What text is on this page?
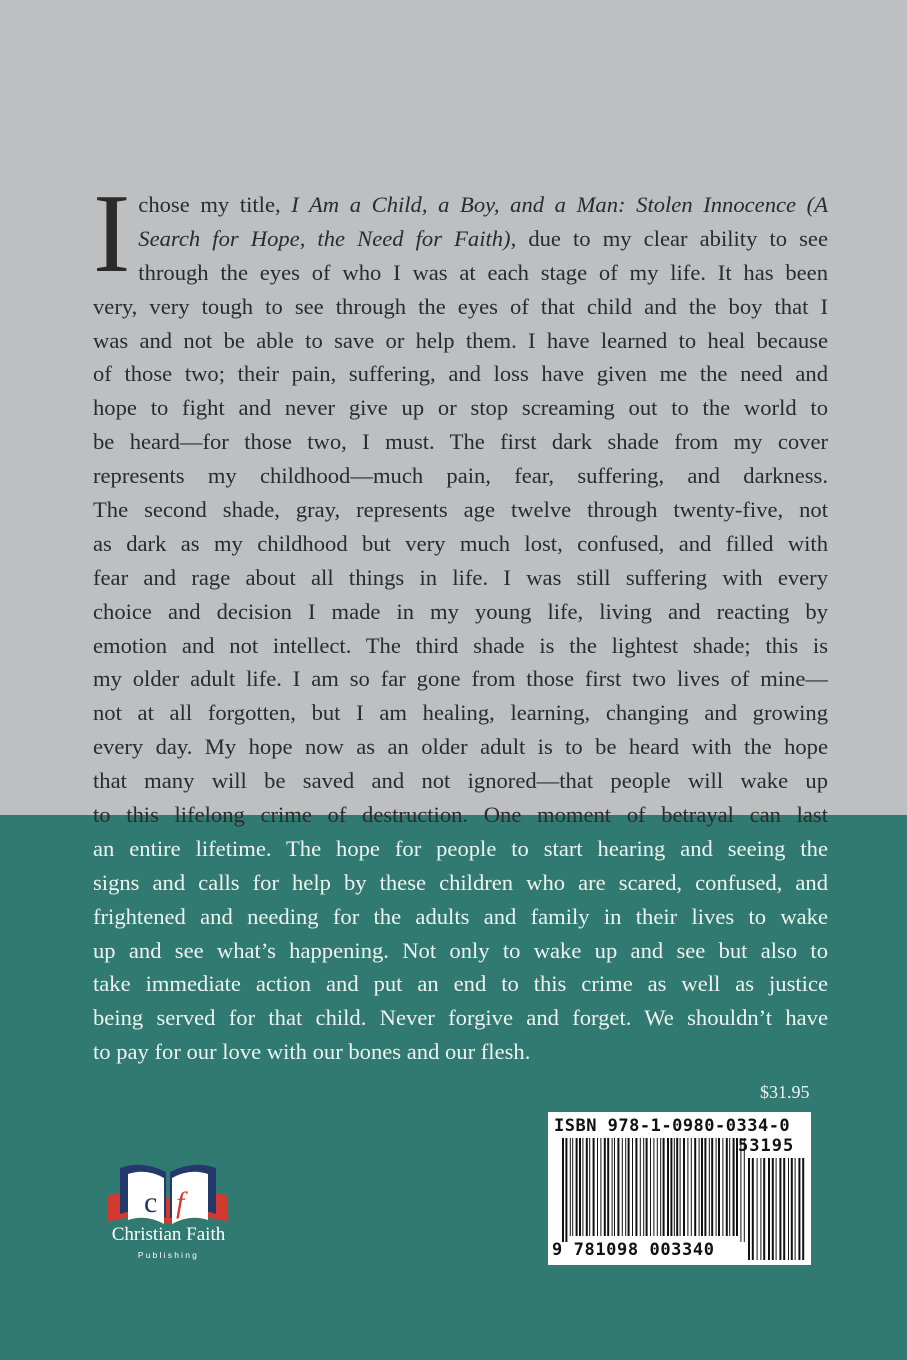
I chose my title, I Am a Child, a Boy, and a Man: Stolen Innocence (A
Search for Hope, the Need for Faith), due to my clear ability to see
through the eyes of who I was at each stage of my life. It has been
very, very tough to see through the eyes of that child and the boy that I
was and not be able to save or help them. I have learned to heal because
of those two; their pain, suffering, and loss have given me the need and
hope to fight and never give up or stop screaming out to the world to
be heard—for those two, I must. The first dark shade from my cover
represents my childhood—much pain, fear, suffering, and darkness.
The second shade, gray, represents age twelve through twenty-five, not
as dark as my childhood but very much lost, confused, and filled with
fear and rage about all things in life. I was still suffering with every
choice and decision I made in my young life, living and reacting by
emotion and not intellect. The third shade is the lightest shade; this is
my older adult life. I am so far gone from those first two lives of mine—
not at all forgotten, but I am healing, learning, changing and growing
every day. My hope now as an older adult is to be heard with the hope
that many will be saved and not ignored—that people will wake up
to this lifelong crime of destruction. One moment of betrayal can last
an entire lifetime. The hope for people to start hearing and seeing the
signs and calls for help by these children who are scared, confused, and
frightened and needing for the adults and family in their lives to wake
up and see what’s happening. Not only to wake up and see but also to
take immediate action and put an end to this crime as well as justice
being served for that child. Never forgive and forget. We shouldn’t have
to pay for our love with our bones and our flesh.
$31.95
ISBN 978-1-0980-0334-0
53195
9 781098 003340
c f
Christian Faith
Publishing
